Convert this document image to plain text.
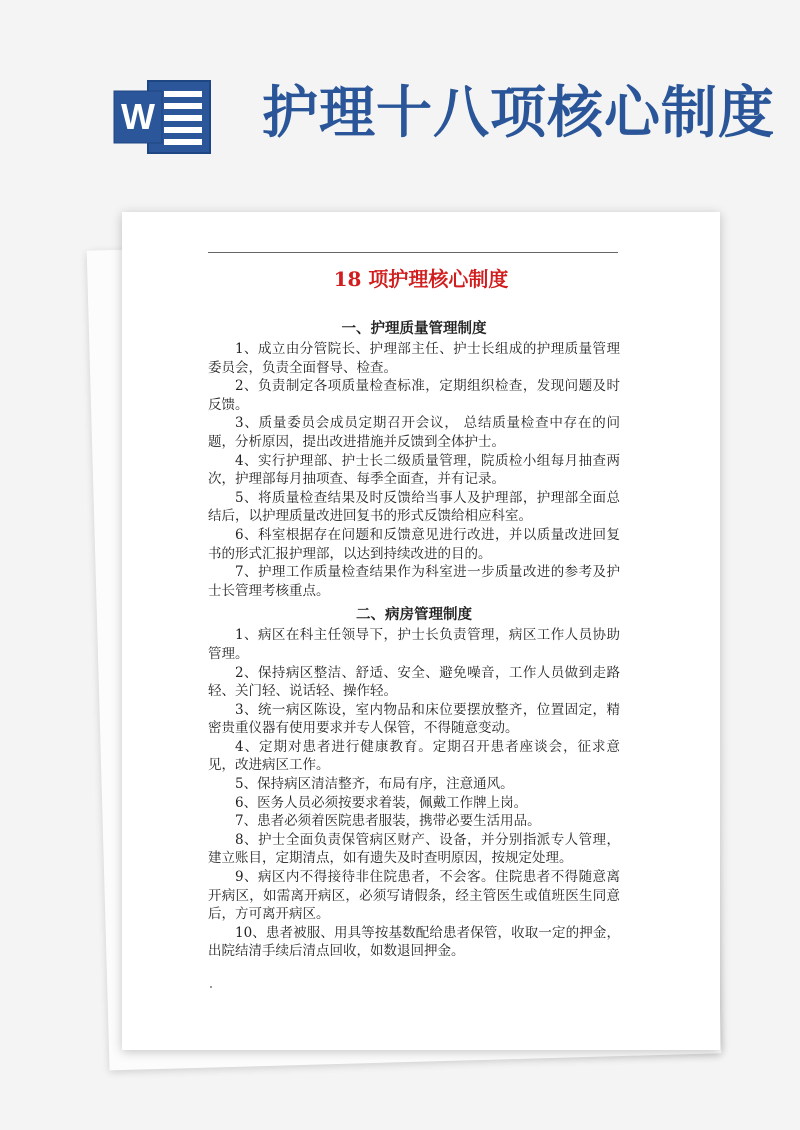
W 护理十八项核心制度
18 项护理核心制度
一、护理质量管理制度

1、成立由分管院长、护理部主任、护士长组成的护理质量管理委员会，负责全面督导、检查。

2、负责制定各项质量检查标准，定期组织检查，发现问题及时反馈。

3、质量委员会成员定期召开会议， 总结质量检查中存在的问题，分析原因，提出改进措施并反馈到全体护士。

4、实行护理部、护士长二级质量管理，院质检小组每月抽查两次，护理部每月抽项查、每季全面查，并有记录。

5、将质量检查结果及时反馈给当事人及护理部，护理部全面总结后，以护理质量改进回复书的形式反馈给相应科室。

6、科室根据存在问题和反馈意见进行改进，并以质量改进回复书的形式汇报护理部，以达到持续改进的目的。

7、护理工作质量检查结果作为科室进一步质量改进的参考及护士长管理考核重点。

二、病房管理制度

1、病区在科主任领导下，护士长负责管理，病区工作人员协助管理。

2、保持病区整洁、舒适、安全、避免噪音，工作人员做到走路轻、关门轻、说话轻、操作轻。

3、统一病区陈设，室内物品和床位要摆放整齐，位置固定，精密贵重仪器有使用要求并专人保管，不得随意变动。

4、定期对患者进行健康教育。定期召开患者座谈会，征求意见，改进病区工作。

5、保持病区清洁整齐，布局有序，注意通风。

6、医务人员必须按要求着装，佩戴工作牌上岗。

7、患者必须着医院患者服装，携带必要生活用品。

8、护士全面负责保管病区财产、设备，并分别指派专人管理，建立账目，定期清点，如有遗失及时查明原因，按规定处理。

9、病区内不得接待非住院患者，不会客。住院患者不得随意离开病区，如需离开病区，必须写请假条，经主管医生或值班医生同意后，方可离开病区。

10、患者被服、用具等按基数配给患者保管，收取一定的押金，出院结清手续后清点回收，如数退回押金。
